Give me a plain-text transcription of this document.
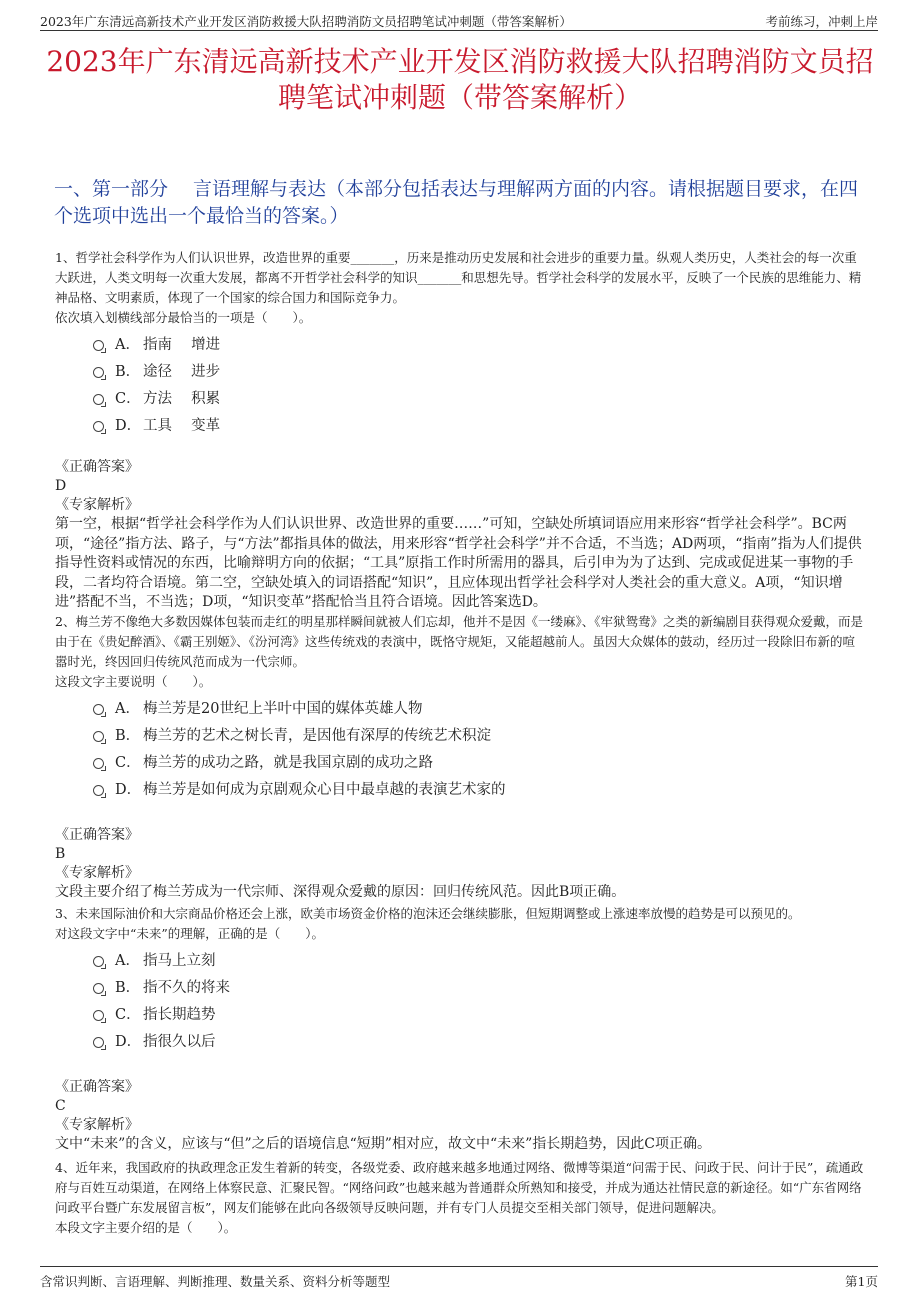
2023年广东清远高新技术产业开发区消防救援大队招聘消防文员招聘笔试冲刺题（带答案解析）	考前练习，冲刺上岸
2023年广东清远高新技术产业开发区消防救援大队招聘消防文员招聘笔试冲刺题（带答案解析）
一、第一部分　 言语理解与表达（本部分包括表达与理解两方面的内容。请根据题目要求，在四个选项中选出一个最恰当的答案。）

1、哲学社会科学作为人们认识世界，改造世界的重要_______，历来是推动历史发展和社会进步的重要力量。纵观人类历史，人类社会的每一次重大跃进，人类文明每一次重大发展，都离不开哲学社会科学的知识_______和思想先导。哲学社会科学的发展水平，反映了一个民族的思维能力、精神品格、文明素质，体现了一个国家的综合国力和国际竞争力。

依次填入划横线部分最恰当的一项是（　　）。

A． 指南　 增进
B． 途径　 进步
C． 方法　 积累
D． 工具　 变革
《正确答案》
D
《专家解析》
第一空，根据“哲学社会科学作为人们认识世界、改造世界的重要……”可知，空缺处所填词语应用来形容“哲学社会科学”。BC两项，“途径”指方法、路子，与“方法”都指具体的做法，用来形容“哲学社会科学”并不合适，不当选；AD两项，“指南”指为人们提供指导性资料或情况的东西，比喻辩明方向的依据；“工具”原指工作时所需用的器具，后引申为为了达到、完成或促进某一事物的手段，二者均符合语境。第二空，空缺处填入的词语搭配“知识”，且应体现出哲学社会科学对人类社会的重大意义。A项，“知识增进”搭配不当，不当选；D项，“知识变革”搭配恰当且符合语境。因此答案选D。

2、梅兰芳不像绝大多数因媒体包装而走红的明星那样瞬间就被人们忘却，他并不是因《一缕麻》、《牢狱鸳鸯》之类的新编剧目获得观众爱戴，而是由于在《贵妃醉酒》、《霸王别姬》、《汾河湾》这些传统戏的表演中，既恪守规矩，又能超越前人。虽因大众媒体的鼓动，经历过一段除旧布新的喧嚣时光，终因回归传统风范而成为一代宗师。

这段文字主要说明（　　）。

A． 梅兰芳是20世纪上半叶中国的媒体英雄人物
B． 梅兰芳的艺术之树长青，是因他有深厚的传统艺术积淀
C． 梅兰芳的成功之路，就是我国京剧的成功之路
D． 梅兰芳是如何成为京剧观众心目中最卓越的表演艺术家的
《正确答案》
B
《专家解析》
文段主要介绍了梅兰芳成为一代宗师、深得观众爱戴的原因：回归传统风范。因此B项正确。

3、未来国际油价和大宗商品价格还会上涨，欧美市场资金价格的泡沫还会继续膨胀，但短期调整或上涨速率放慢的趋势是可以预见的。

对这段文字中“未来”的理解，正确的是（　　）。

A． 指马上立刻
B． 指不久的将来
C． 指长期趋势
D． 指很久以后
《正确答案》
C
《专家解析》
文中“未来”的含义，应该与“但”之后的语境信息“短期”相对应，故文中“未来”指长期趋势，因此C项正确。

4、近年来，我国政府的执政理念正发生着新的转变，各级党委、政府越来越多地通过网络、微博等渠道“问需于民、问政于民、问计于民”，疏通政府与百姓互动渠道，在网络上体察民意、汇聚民智。“网络问政”也越来越为普通群众所熟知和接受，并成为通达社情民意的新途径。如“广东省网络问政平台暨广东发展留言板”，网友们能够在此向各级领导反映问题，并有专门人员提交至相关部门领导，促进问题解决。

本段文字主要介绍的是（　　）。

含常识判断、言语理解、判断推理、数量关系、资料分析等题型	第1页
